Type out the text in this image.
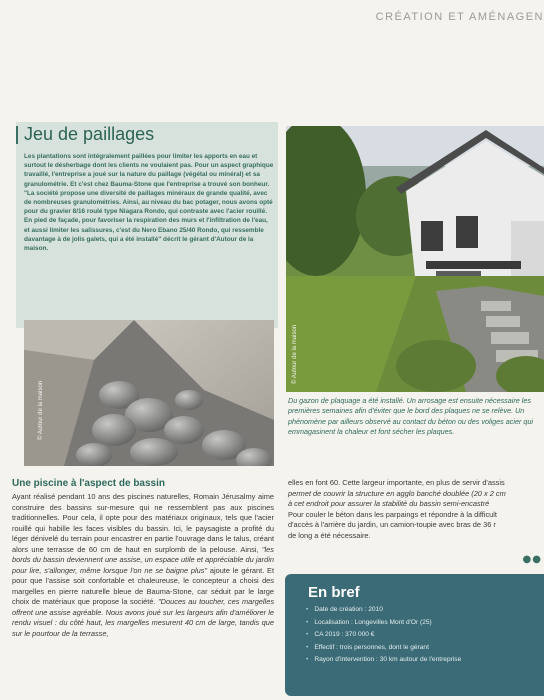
CRÉATION ET AMÉNAGEN
Jeu de paillages

Les plantations sont intégralement paillées pour limiter les apports en eau et surtout le désherbage dont les clients ne voulaient pas. Pour un aspect graphique travaillé, l'entreprise a joué sur la nature du paillage (végétal ou minéral) et sa granulométrie. Et c'est chez Bauma-Stone que l'entreprise a trouvé son bonheur. "La société propose une diversité de paillages minéraux de grande qualité, avec de nombreuses granulométries. Ainsi, au niveau du bac potager, nous avons opté pour du gravier 8/16 roulé type Niagara Rondo, qui contraste avec l'acier rouillé. En pied de façade, pour favoriser la respiration des murs et l'infiltration de l'eau, et aussi limiter les salissures, c'est du Nero Ebano 25/40 Rondo, qui ressemble davantage à de jolis galets, qui a été installé" décrit le gérant d'Autour de la maison.

© Autour de la maison
© Autour de la maison

Du gazon de plaquage a été installé. Un arrosage est ensuite nécessaire les premières semaines afin d'éviter que le bord des plaques ne se relève. Un phénomène par ailleurs observé au contact du béton ou des voliges acier qui emmagasinent la chaleur et font sécher les plaques.

Une piscine à l'aspect de bassin

Ayant réalisé pendant 10 ans des piscines naturelles, Romain Jérusalmy aime construire des bassins sur-mesure qui ne ressemblent pas aux piscines traditionnelles. Pour cela, il opte pour des matériaux originaux, tels que l'acier rouillé qui habille les faces visibles du bassin. Ici, le paysagiste a profité du léger dénivelé du terrain pour encastrer en partie l'ouvrage dans le talus, créant alors une terrasse de 60 cm de haut en surplomb de la pelouse. Ainsi, "les bords du bassin deviennent une assise, un espace utile et appréciable du jardin pour lire, s'allonger, même lorsque l'on ne se baigne plus" ajoute le gérant. Et pour que l'assise soit confortable et chaleureuse, le concepteur a choisi des margelles en pierre naturelle bleue de Bauma-Stone, car séduit par le large choix de matériaux que propose la société. "Douces au toucher, ces margelles offrent une assise agréable. Nous avons joué sur les largeurs afin d'améliorer le rendu visuel : du côté haut, les margelles mesurent 40 cm de large, tandis que sur le pourtour de la terrasse,

elles en font 60. Cette largeur importante, en plus de servir d'assis
permet de couvrir la structure en agglo banché doublée (20 x 2 cm
à cet endroit pour assurer la stabilité du bassin semi-encastré
Pour couler le béton dans les parpaings et répondre à la difficult
d'accès à l'arrière du jardin, un camion-toupie avec bras de 36 r
de long a été nécessaire.
●●
En bref
• Date de création : 2010
• Localisation : Longevilles Mont d'Or (25)
• CA 2019 : 370 000 €
• Effectif : trois personnes, dont le gérant
• Rayon d'intervention : 30 km autour de l'entreprise
